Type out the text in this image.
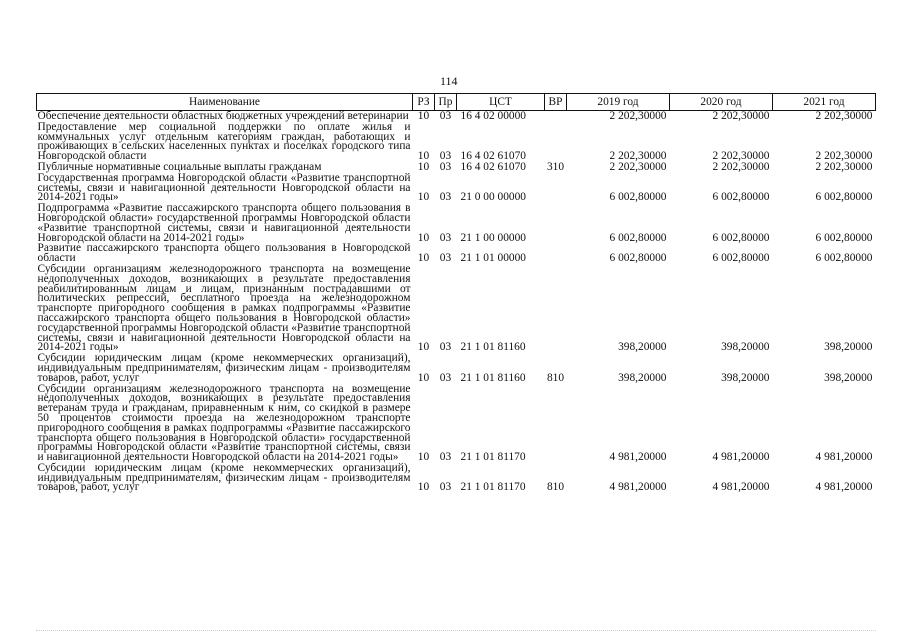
114
Наименование	РЗ	Пр	ЦСТ	ВР	2019 год	2020 год	2021 год
Обеспечение деятельности областных бюджетных учреждений ветеринарии	10	03	16 4 02 00000		2 202,30000	2 202,30000	2 202,30000
Предоставление мер социальной поддержки по оплате жилья и коммунальных услуг отдельным категориям граждан, работающих и проживающих в сельских населенных пунктах и поселках городского типа Новгородской области	10	03	16 4 02 61070		2 202,30000	2 202,30000	2 202,30000
Публичные нормативные социальные выплаты гражданам	10	03	16 4 02 61070	310	2 202,30000	2 202,30000	2 202,30000
Государственная программа Новгородской области «Развитие транспортной системы, связи и навигационной деятельности Новгородской области на 2014-2021 годы»	10	03	21 0 00 00000		6 002,80000	6 002,80000	6 002,80000
Подпрограмма «Развитие пассажирского транспорта общего пользования в Новгородской области» государственной программы Новгородской области «Развитие транспортной системы, связи и навигационной деятельности Новгородской области на 2014-2021 годы»	10	03	21 1 00 00000		6 002,80000	6 002,80000	6 002,80000
Развитие пассажирского транспорта общего пользования в Новгородской области	10	03	21 1 01 00000		6 002,80000	6 002,80000	6 002,80000
Субсидии организациям железнодорожного транспорта на возмещение недополученных доходов, возникающих в результате предоставления реабилитированным лицам и лицам, признанным пострадавшими от политических репрессий, бесплатного проезда на железнодорожном транспорте пригородного сообщения в рамках подпрограммы «Развитие пассажирского транспорта общего пользования в Новгородской области» государственной программы Новгородской области «Развитие транспортной системы, связи и навигационной деятельности Новгородской области на 2014-2021 годы»	10	03	21 1 01 81160		398,20000	398,20000	398,20000
Субсидии юридическим лицам (кроме некоммерческих организаций), индивидуальным предпринимателям, физическим лицам - производителям товаров, работ, услуг	10	03	21 1 01 81160	810	398,20000	398,20000	398,20000
Субсидии организациям железнодорожного транспорта на возмещение недополученных доходов, возникающих в результате предоставления ветеранам труда и гражданам, приравненным к ним, со скидкой в размере 50 процентов стоимости проезда на железнодорожном транспорте пригородного сообщения в рамках подпрограммы «Развитие пассажирского транспорта общего пользования в Новгородской области» государственной программы Новгородской области «Развитие транспортной системы, связи и навигационной деятельности Новгородской области на 2014-2021 годы»	10	03	21 1 01 81170		4 981,20000	4 981,20000	4 981,20000
Субсидии юридическим лицам (кроме некоммерческих организаций), индивидуальным предпринимателям, физическим лицам - производителям товаров, работ, услуг	10	03	21 1 01 81170	810	4 981,20000	4 981,20000	4 981,20000
